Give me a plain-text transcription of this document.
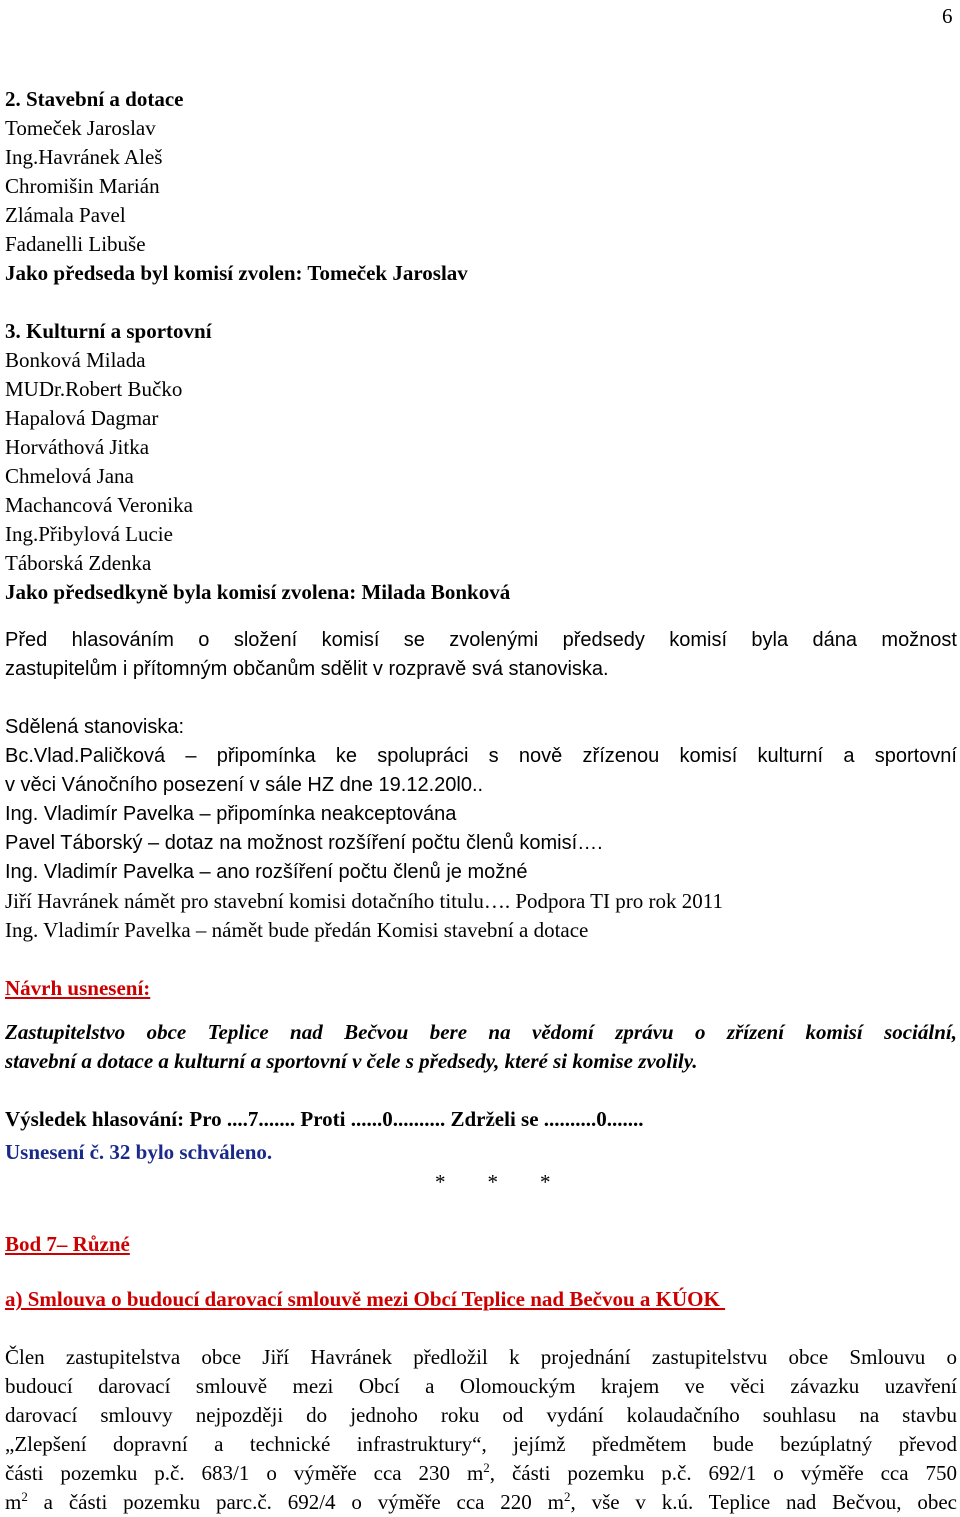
6
2. Stavební a dotace
Tomeček Jaroslav
Ing.Havránek Aleš
Chromišin Marián
Zlámala Pavel
Fadanelli Libuše
Jako předseda byl komisí zvolen: Tomeček Jaroslav
3. Kulturní a sportovní
Bonková Milada
MUDr.Robert Bučko
Hapalová Dagmar
Horváthová Jitka
Chmelová Jana
Machancová Veronika
Ing.Přibylová Lucie
Táborská Zdenka
Jako předsedkyně byla komisí zvolena: Milada Bonková
Před hlasováním o složení komisí se zvolenými předsedy komisí byla dána možnost
zastupitelům i přítomným občanům sdělit v rozpravě svá stanoviska.
Sdělená stanoviska:
Bc.Vlad.Paličková – připomínka ke spolupráci s nově zřízenou komisí kulturní a sportovní
v věci Vánočního posezení v sále HZ dne 19.12.20l0..
Ing. Vladimír Pavelka – připomínka neakceptována
Pavel Táborský – dotaz na možnost rozšíření počtu členů komisí….
Ing. Vladimír Pavelka – ano rozšíření počtu členů je možné
Jiří Havránek námět pro stavební komisi dotačního titulu…. Podpora TI pro rok 2011
Ing. Vladimír Pavelka – námět bude předán Komisi stavební a dotace
Návrh usnesení:
Zastupitelstvo obce Teplice nad Bečvou bere na vědomí zprávu o zřízení komisí sociální,
stavební a dotace a kulturní a sportovní v čele s předsedy, které si komise zvolily.
Výsledek hlasování: Pro ....7....... Proti ......0.......... Zdrželi se ..........0.......
Usnesení č. 32 bylo schváleno.
*        *        *
Bod 7– Různé
a) Smlouva o budoucí darovací smlouvě mezi Obcí Teplice nad Bečvou a KÚOK
Člen zastupitelstva obce Jiří Havránek předložil k projednání zastupitelstvu obce Smlouvu o
budoucí darovací smlouvě mezi Obcí a Olomouckým krajem ve věci závazku uzavření
darovací smlouvy nejpozději do jednoho roku od vydání kolaudačního souhlasu na stavbu
„Zlepšení dopravní a technické infrastruktury“, jejímž předmětem bude bezúplatný převod
části pozemku p.č. 683/1 o výměře cca 230 $m^2$, části pozemku p.č. 692/1 o výměře cca 750
$m^2$ a části pozemku parc.č. 692/4 o výměře cca 220 $m^2$, vše v k.ú. Teplice nad Bečvou, obec
